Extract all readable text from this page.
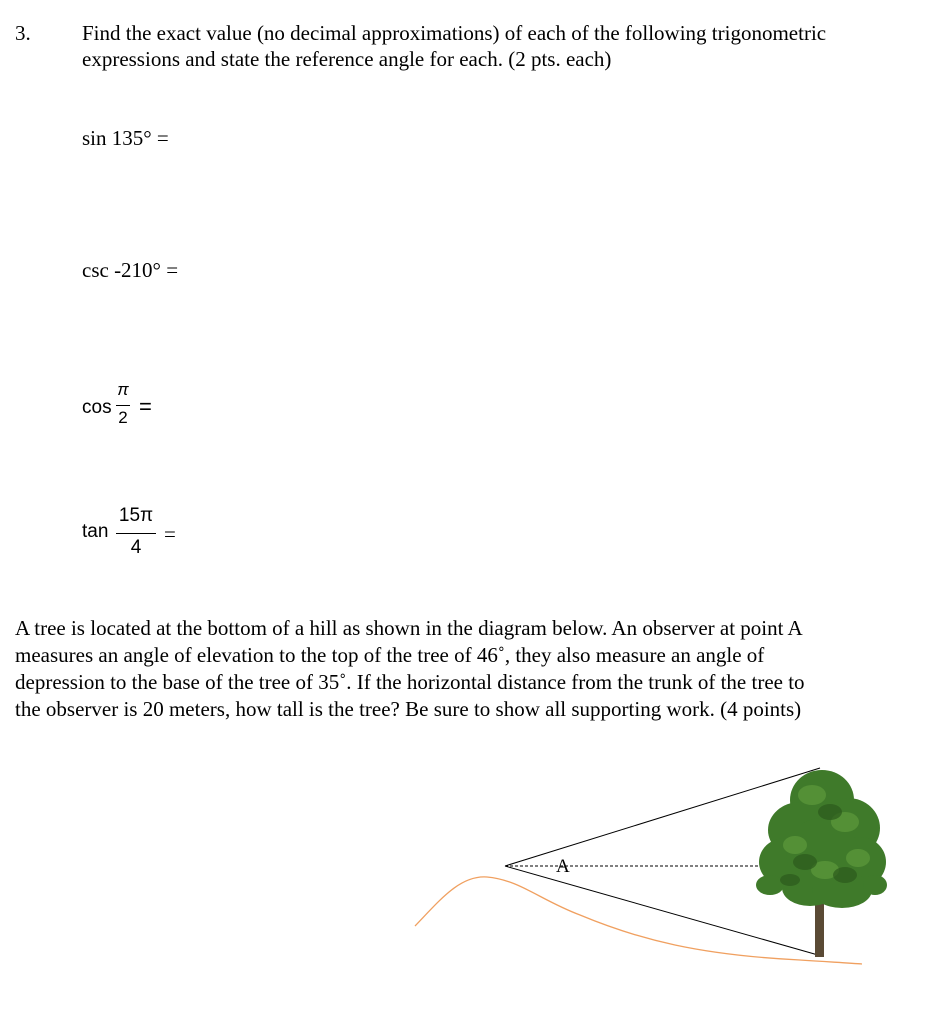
3. Find the exact value (no decimal approximations) of each of the following trigonometric
expressions and state the reference angle for each. (2 pts. each)
sin 135° =
csc -210° =
cos
π
2 =
tan
15π
4
=
A tree is located at the bottom of a hill as shown in the diagram below. An observer at point A
measures an angle of elevation to the top of the tree of 46˚, they also measure an angle of
depression to the base of the tree of 35˚. If the horizontal distance from the trunk of the tree to
the observer is 20 meters, how tall is the tree? Be sure to show all supporting work. (4 points)
A
